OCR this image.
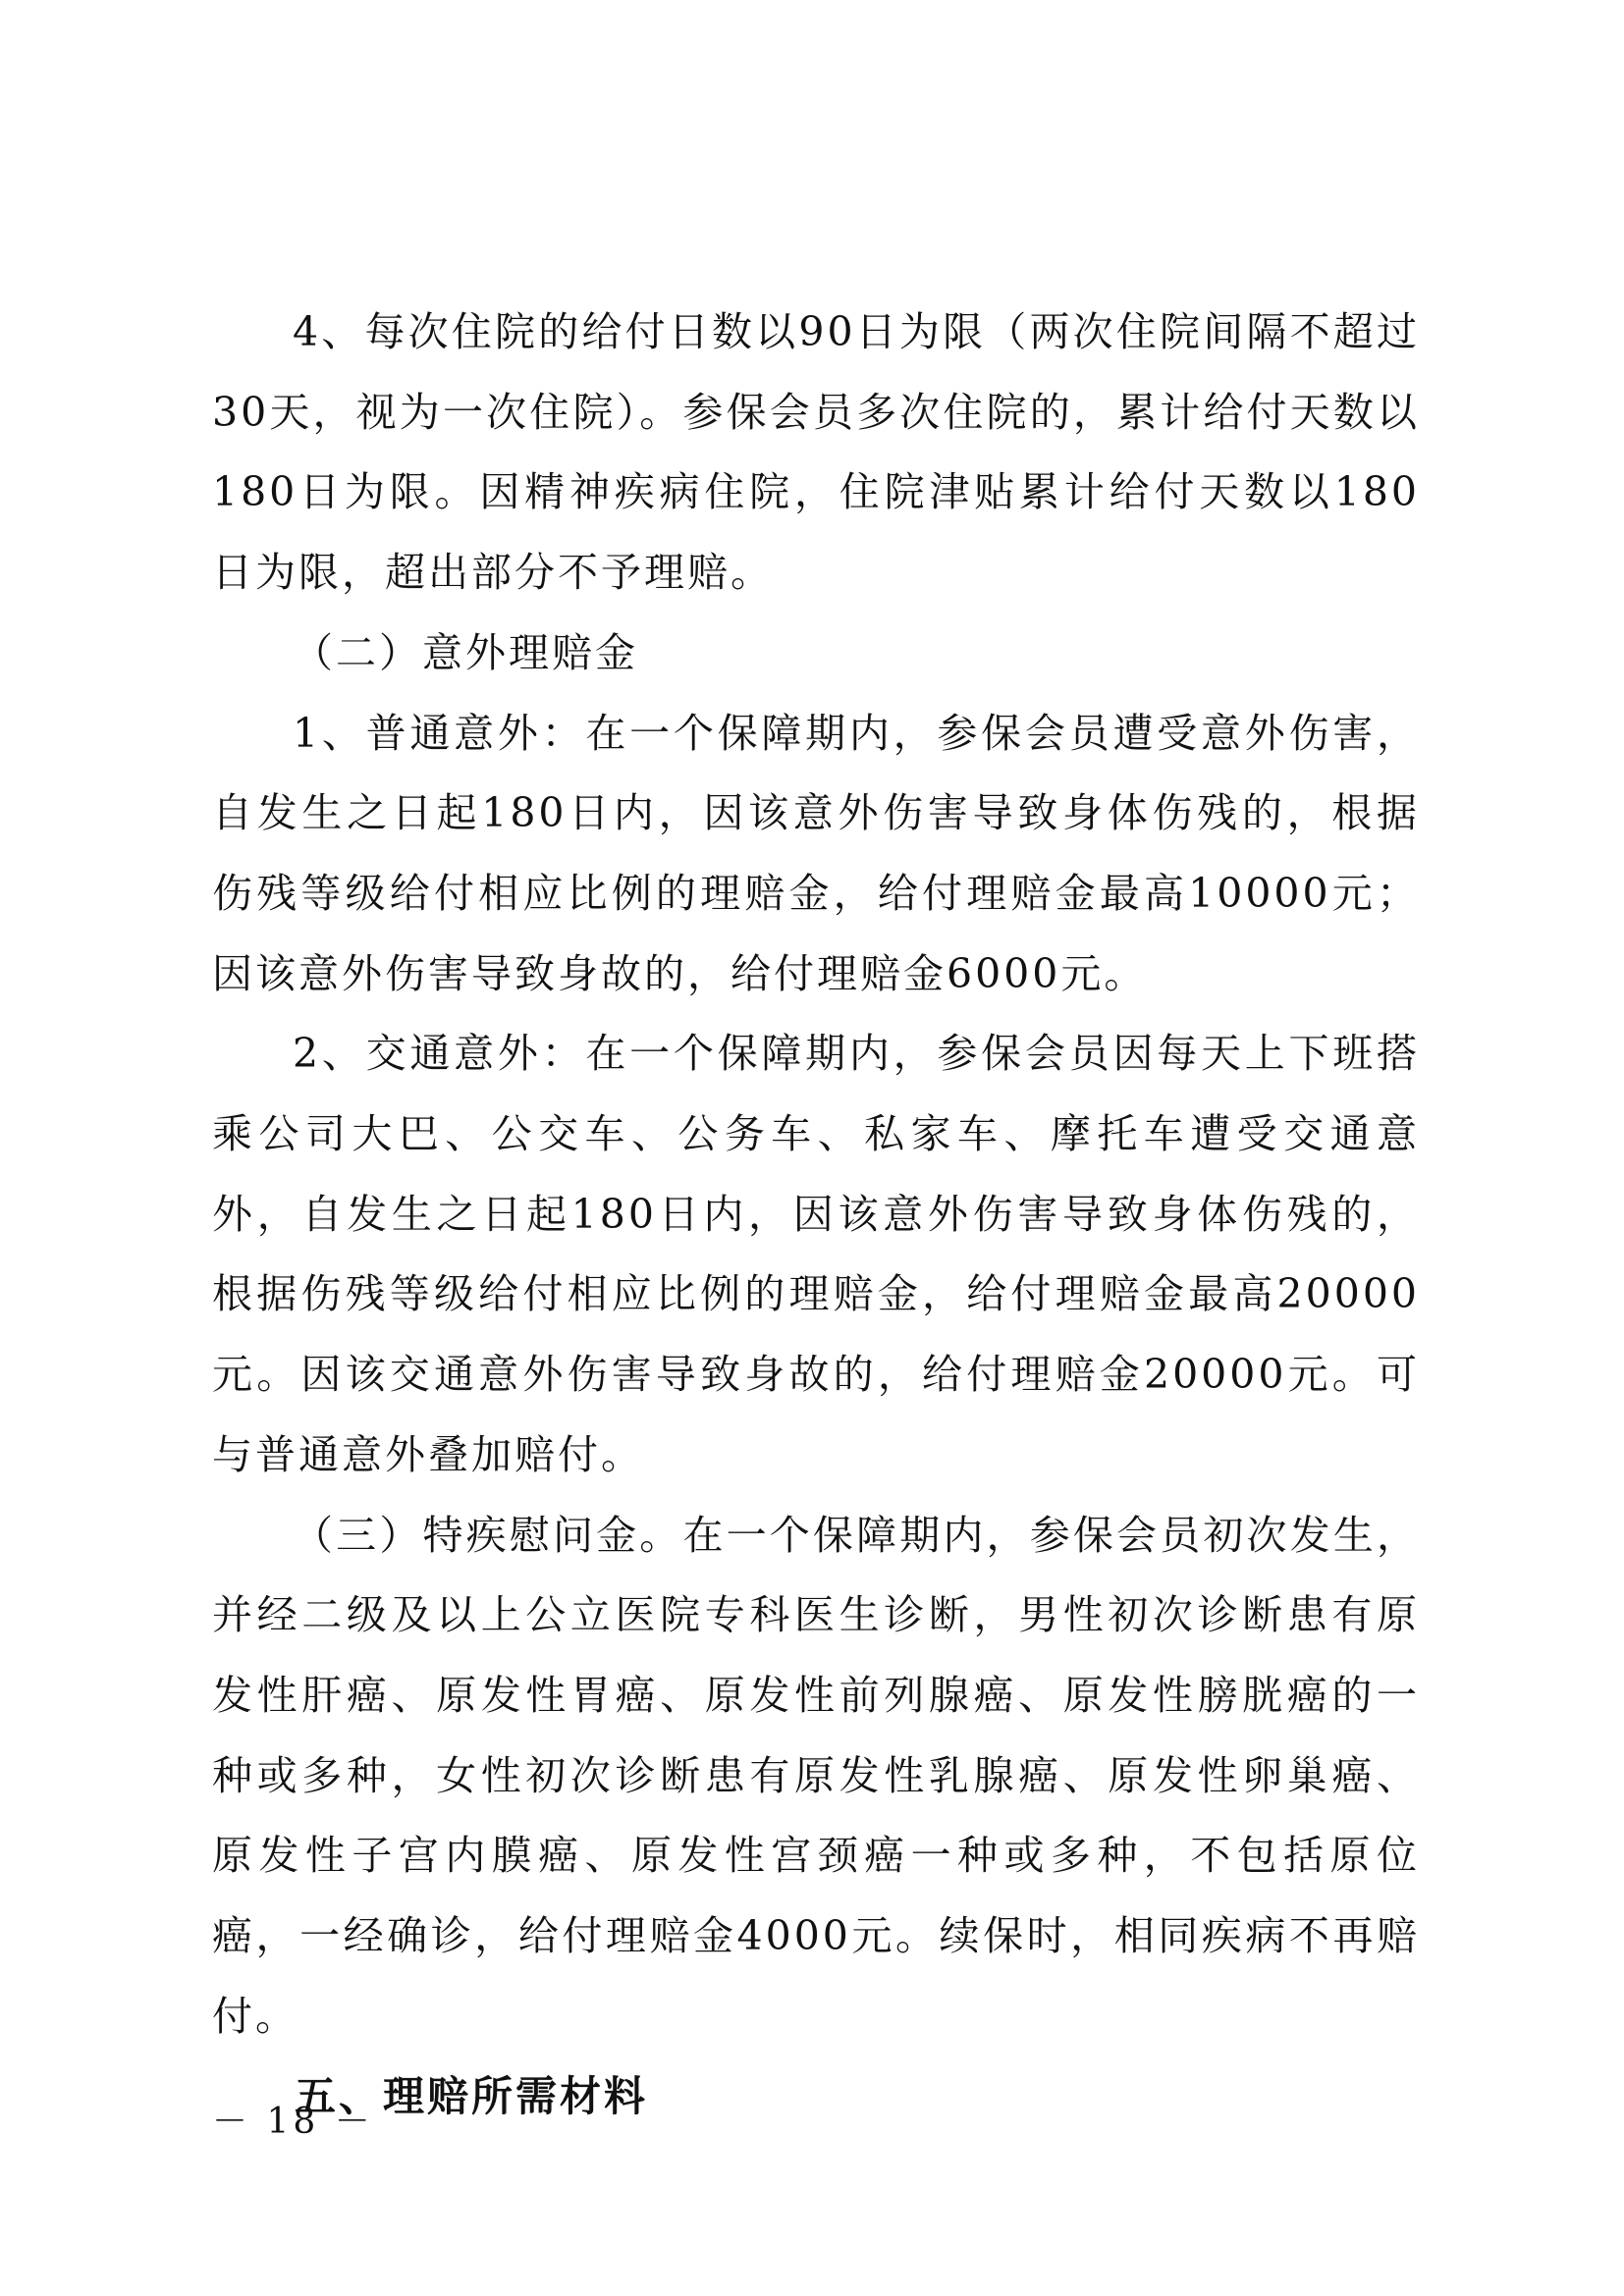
4、每次住院的给付日数以90日为限（两次住院间隔不超过30天，视为一次住院）。参保会员多次住院的，累计给付天数以180日为限。因精神疾病住院，住院津贴累计给付天数以180日为限，超出部分不予理赔。

（二）意外理赔金

1、普通意外：在一个保障期内，参保会员遭受意外伤害，自发生之日起180日内，因该意外伤害导致身体伤残的，根据伤残等级给付相应比例的理赔金，给付理赔金最高10000元；因该意外伤害导致身故的，给付理赔金6000元。

2、交通意外：在一个保障期内，参保会员因每天上下班搭乘公司大巴、公交车、公务车、私家车、摩托车遭受交通意外，自发生之日起180日内，因该意外伤害导致身体伤残的，根据伤残等级给付相应比例的理赔金，给付理赔金最高20000元。因该交通意外伤害导致身故的，给付理赔金20000元。可与普通意外叠加赔付。

（三）特疾慰问金。在一个保障期内，参保会员初次发生，并经二级及以上公立医院专科医生诊断，男性初次诊断患有原发性肝癌、原发性胃癌、原发性前列腺癌、原发性膀胱癌的一种或多种，女性初次诊断患有原发性乳腺癌、原发性卵巢癌、原发性子宫内膜癌、原发性宫颈癌一种或多种，不包括原位癌，一经确诊，给付理赔金4000元。续保时，相同疾病不再赔付。

五、理赔所需材料

－ 18 －
